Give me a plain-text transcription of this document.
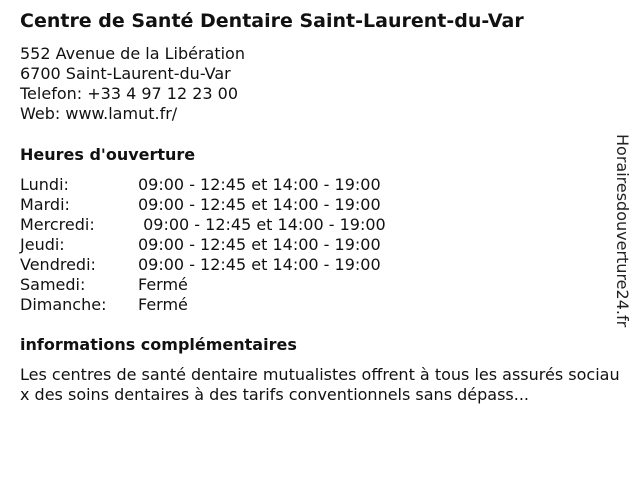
Centre de Santé Dentaire Saint-Laurent-du-Var
552 Avenue de la Libération
6700 Saint-Laurent-du-Var
Telefon: +33 4 97 12 23 00
Web: www.lamut.fr/
Heures d'ouverture
Lundi:	09:00 - 12:45 et 14:00 - 19:00
Mardi:	09:00 - 12:45 et 14:00 - 19:00
Mercredi:	09:00 - 12:45 et 14:00 - 19:00
Jeudi:	09:00 - 12:45 et 14:00 - 19:00
Vendredi:	09:00 - 12:45 et 14:00 - 19:00
Samedi:	Fermé
Dimanche:	Fermé
informations complémentaires
Les centres de santé dentaire mutualistes offrent à tous les assurés sociaux des soins dentaires à des tarifs conventionnels sans dépass...
Horairesdouverture24.fr
